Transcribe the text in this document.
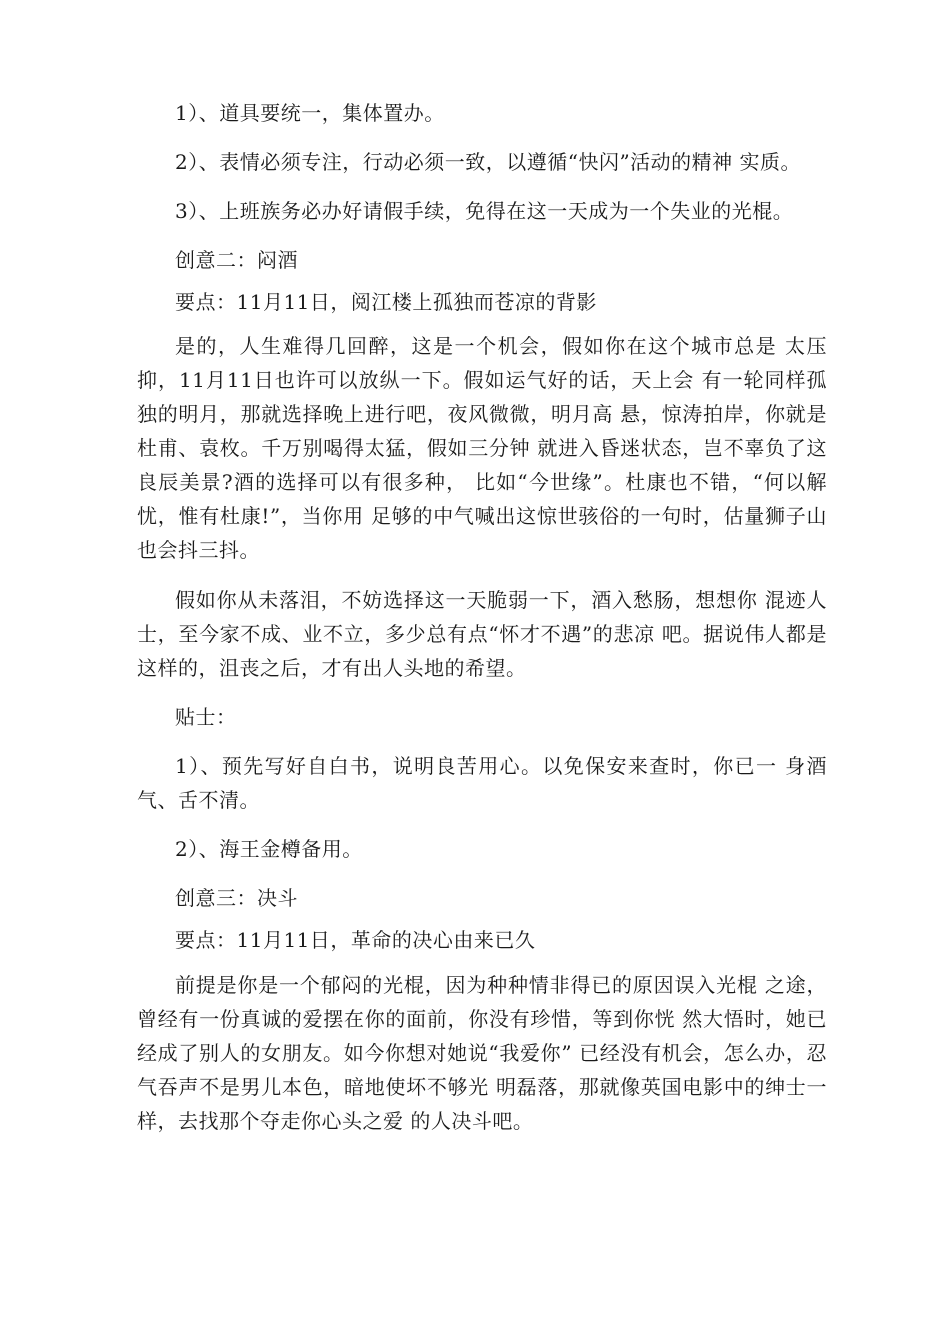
1）、道具要统一，集体置办。

2）、表情必须专注，行动必须一致，以遵循“快闪”活动的精神 实质。

3）、上班族务必办好请假手续，免得在这一天成为一个失业的光棍。

创意二：闷酒

要点：11月11日，阅江楼上孤独而苍凉的背影

是的，人生难得几回醉，这是一个机会，假如你在这个城市总是 太压抑，11月11日也许可以放纵一下。假如运气好的话，天上会 有一轮同样孤独的明月，那就选择晚上进行吧，夜风微微，明月高 悬，惊涛拍岸，你就是杜甫、袁枚。千万别喝得太猛，假如三分钟 就进入昏迷状态，岂不辜负了这良辰美景?酒的选择可以有很多种， 比如“今世缘”。杜康也不错，“何以解忧，惟有杜康!”，当你用 足够的中气喊出这惊世骇俗的一句时，估量狮子山也会抖三抖。

假如你从未落泪，不妨选择这一天脆弱一下，酒入愁肠，想想你 混迹人士，至今家不成、业不立，多少总有点“怀才不遇”的悲凉 吧。据说伟人都是这样的，沮丧之后，才有出人头地的希望。

贴士：

1）、预先写好自白书，说明良苦用心。以免保安来查时，你已一 身酒气、舌不清。

2）、海王金樽备用。

创意三：决斗

要点：11月11日，革命的决心由来已久

前提是你是一个郁闷的光棍，因为种种情非得已的原因误入光棍 之途，曾经有一份真诚的爱摆在你的面前，你没有珍惜，等到你恍 然大悟时，她已经成了别人的女朋友。如今你想对她说“我爱你” 已经没有机会，怎么办，忍气吞声不是男儿本色，暗地使坏不够光 明磊落，那就像英国电影中的绅士一样，去找那个夺走你心头之爱 的人决斗吧。
